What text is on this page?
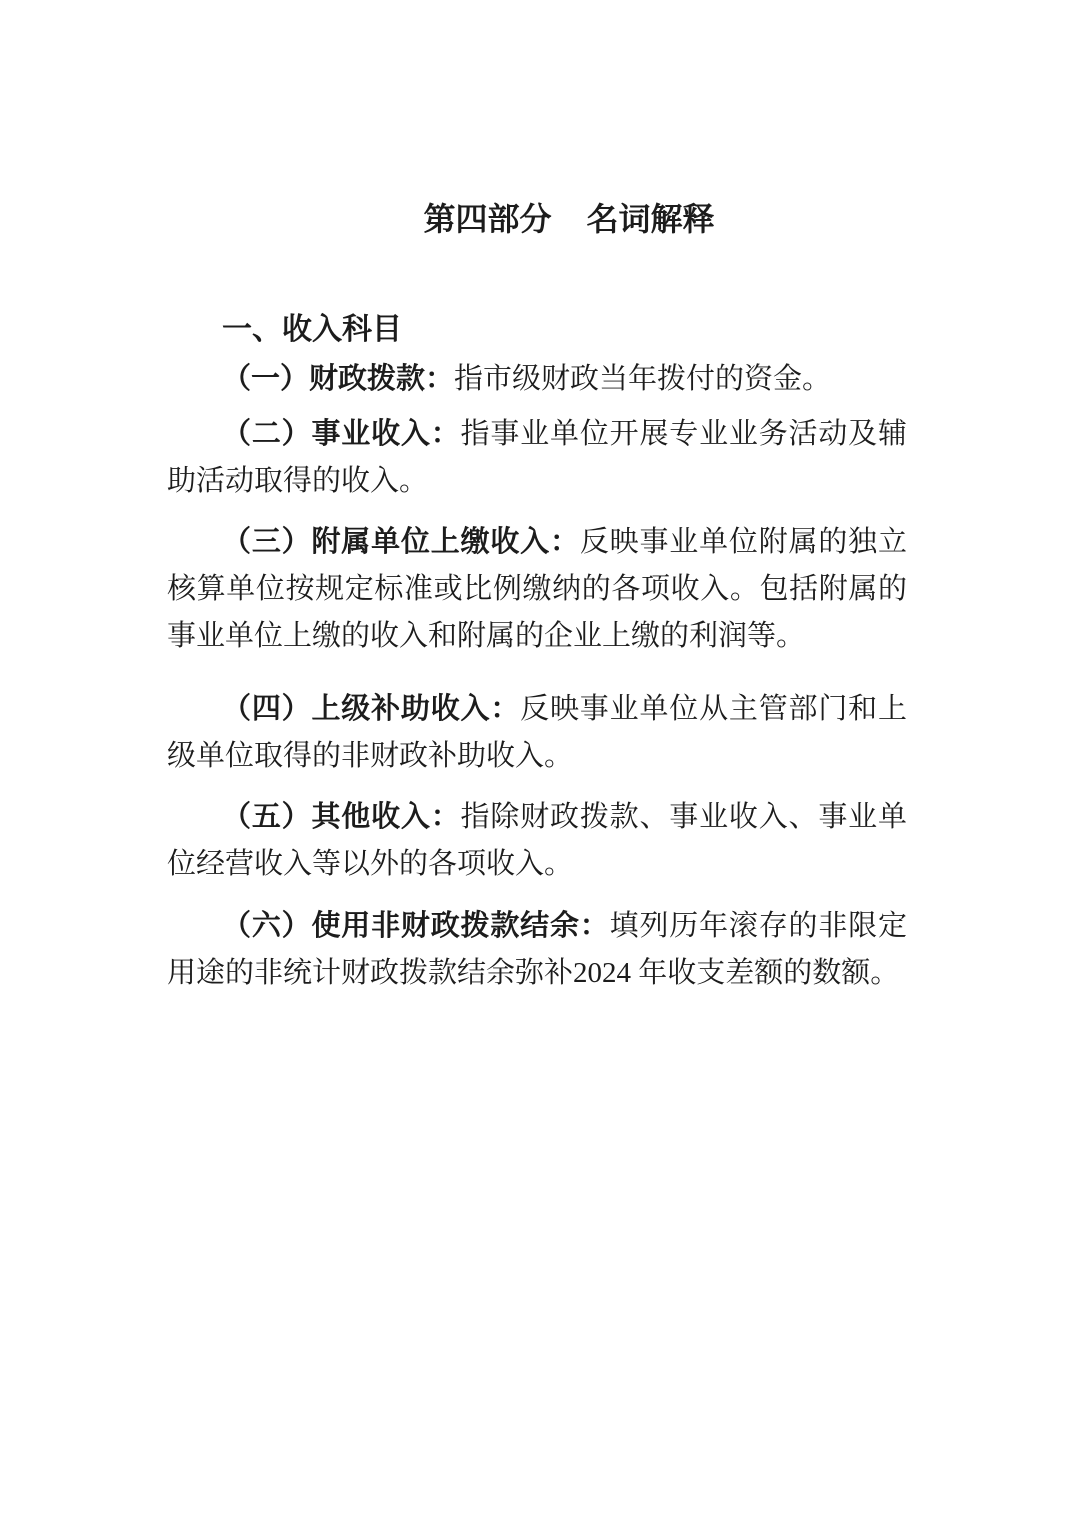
第四部分 名词解释
一、收入科目

（一）财政拨款：指市级财政当年拨付的资金。

（二）事业收入：指事业单位开展专业业务活动及辅助活动取得的收入。

（三）附属单位上缴收入：反映事业单位附属的独立核算单位按规定标准或比例缴纳的各项收入。包括附属的事业单位上缴的收入和附属的企业上缴的利润等。

（四）上级补助收入：反映事业单位从主管部门和上级单位取得的非财政补助收入。

（五）其他收入：指除财政拨款、事业收入、事业单位经营收入等以外的各项收入。

（六）使用非财政拨款结余：填列历年滚存的非限定用途的非统计财政拨款结余弥补2024 年收支差额的数额。
